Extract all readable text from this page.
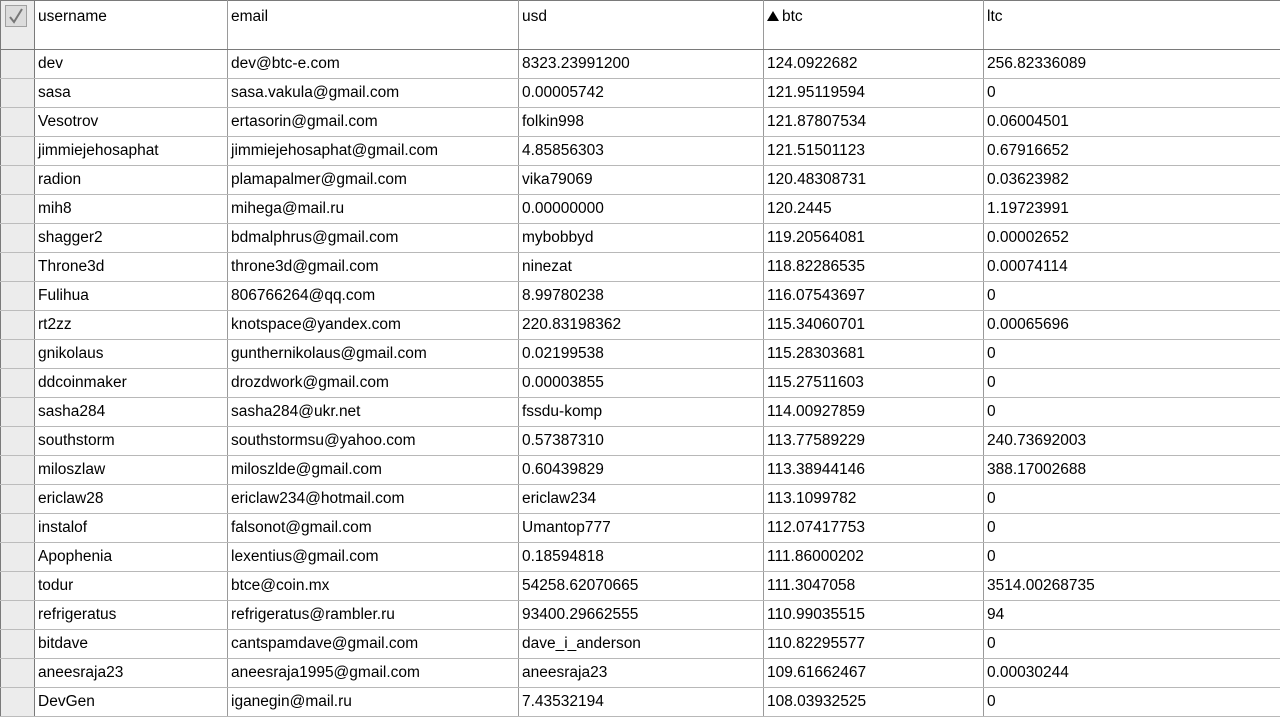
	username	email	usd	btc	ltc
	dev	dev@btc-e.com	8323.23991200	124.0922682	256.82336089
	sasa	sasa.vakula@gmail.com	0.00005742	121.95119594	0
	Vesotrov	ertasorin@gmail.com	folkin998	121.87807534	0.06004501
	jimmiejehosaphat	jimmiejehosaphat@gmail.com	4.85856303	121.51501123	0.67916652
	radion	plamapalmer@gmail.com	vika79069	120.48308731	0.03623982
	mih8	mihega@mail.ru	0.00000000	120.2445	1.19723991
	shagger2	bdmalphrus@gmail.com	mybobbyd	119.20564081	0.00002652
	Throne3d	throne3d@gmail.com	ninezat	118.82286535	0.00074114
	Fulihua	806766264@qq.com	8.99780238	116.07543697	0
	rt2zz	knotspace@yandex.com	220.83198362	115.34060701	0.00065696
	gnikolaus	gunthernikolaus@gmail.com	0.02199538	115.28303681	0
	ddcoinmaker	drozdwork@gmail.com	0.00003855	115.27511603	0
	sasha284	sasha284@ukr.net	fssdu-komp	114.00927859	0
	southstorm	southstormsu@yahoo.com	0.57387310	113.77589229	240.73692003
	miloszlaw	miloszlde@gmail.com	0.60439829	113.38944146	388.17002688
	ericlaw28	ericlaw234@hotmail.com	ericlaw234	113.1099782	0
	instalof	falsonot@gmail.com	Umantop777	112.07417753	0
	Apophenia	lexentius@gmail.com	0.18594818	111.86000202	0
	todur	btce@coin.mx	54258.62070665	111.3047058	3514.00268735
	refrigeratus	refrigeratus@rambler.ru	93400.29662555	110.99035515	94
	bitdave	cantspamdave@gmail.com	dave_i_anderson	110.82295577	0
	aneesraja23	aneesraja1995@gmail.com	aneesraja23	109.61662467	0.00030244
	DevGen	iganegin@mail.ru	7.43532194	108.03932525	0
